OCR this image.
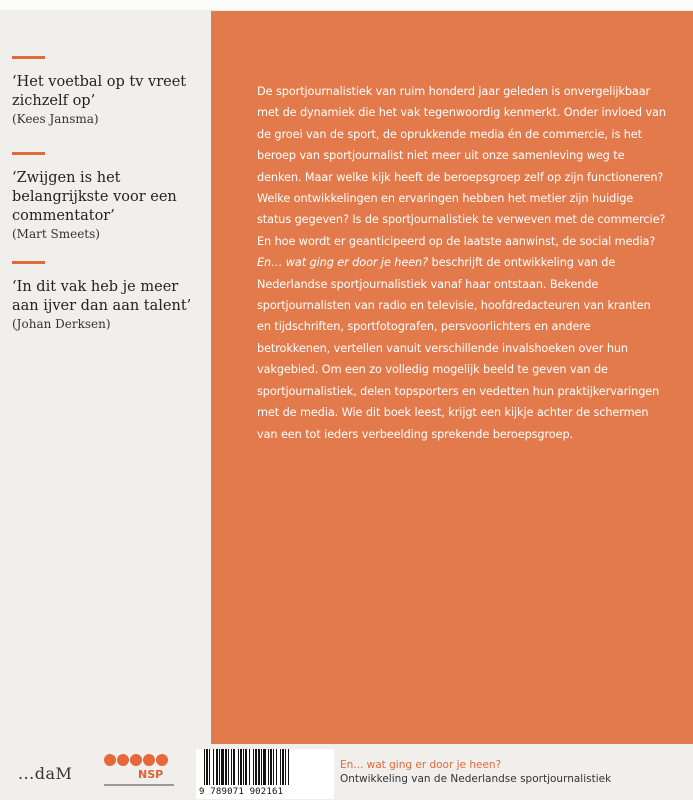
‘Het voetbal op tv vreet zichzelf op’

(Kees Jansma)

‘Zwijgen is het belangrijkste voor een commentator’

(Mart Smeets)

‘In dit vak heb je meer aan ijver dan aan talent’

(Johan Derksen)

De sportjournalistiek van ruim honderd jaar geleden is onvergelijkbaar met de dynamiek die het vak tegenwoordig kenmerkt. Onder invloed van de groei van de sport, de oprukkende media én de commercie, is het beroep van sportjournalist niet meer uit onze samenleving weg te denken. Maar welke kijk heeft de beroepsgroep zelf op zijn functioneren? Welke ontwikkelingen en ervaringen hebben het metier zijn huidige status gegeven? Is de sportjournalistiek te verweven met de commercie? En hoe wordt er geanticipeerd op de laatste aanwinst, de social media?

En… wat ging er door je heen? beschrijft de ontwikkeling van de Nederlandse sportjournalistiek vanaf haar ontstaan. Bekende sportjournalisten van radio en televisie, hoofdredacteuren van kranten en tijdschriften, sportfotografen, persvoorlichters en andere betrokkenen, vertellen vanuit verschillende invalshoeken over hun vakgebied. Om een zo volledig mogelijk beeld te geven van de sportjournalistiek, delen topsporters en vedetten hun praktijkervaringen met de media. Wie dit boek leest, krijgt een kijkje achter de schermen van een tot ieders verbeelding sprekende beroepsgroep.

...daM	NSP
9 789071 902161
En... wat ging er door je heen?
Ontwikkeling van de Nederlandse sportjournalistiek
